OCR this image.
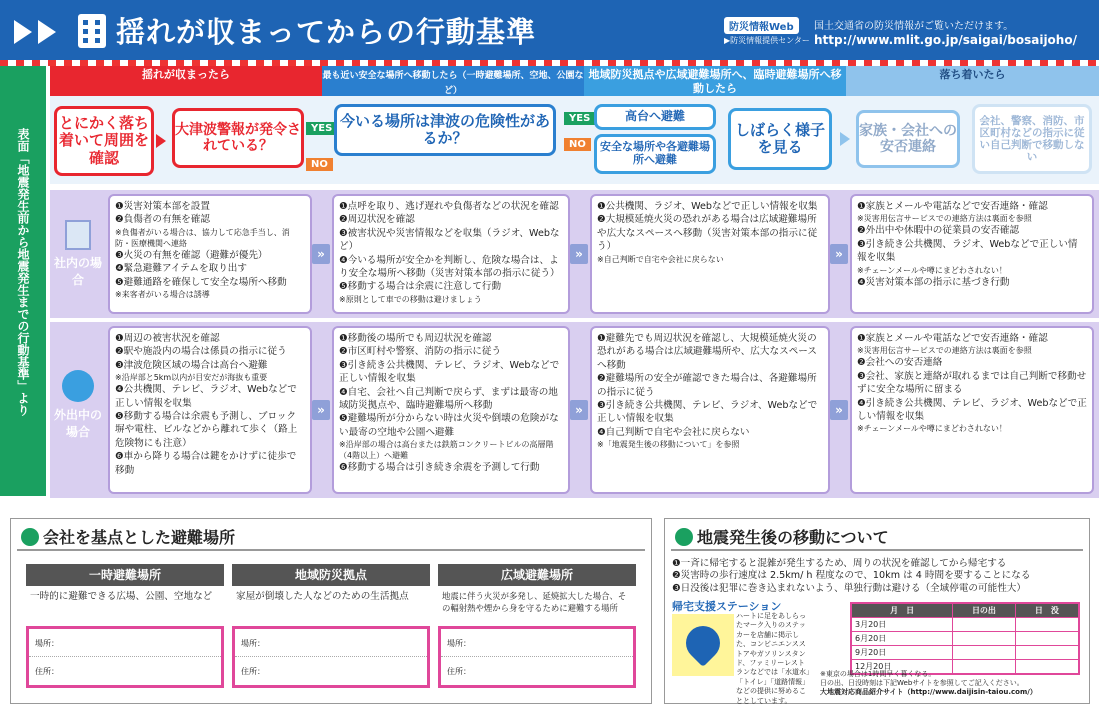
揺れが収まってからの行動基準	防災情報Web
▶防災情報提供センター
国土交通省の防災情報がご覧いただけます。
http://www.mlit.go.jp/saigai/bosaijoho/
表面「地震発生前から地震発生までの行動基準」より
揺れが収まったら	最も近い安全な場所へ移動したら（一時避難場所、空地、公園など）
地域防災拠点や広域避難場所へ、臨時避難場所へ移動したら
落ち着いたら
とにかく落ち着いて周囲を確認
大津波警報が発令されている？
YES
NO
今いる場所は津波の危険性があるか？
YES
NO
高台へ避難
安全な場所や各避難場所へ避難
しばらく様子を見る
家族・会社への安否連絡
会社、警察、消防、市区町村などの指示に従い自己判断で移動しない
社内の場合

❶災害対策本部を設置

❷負傷者の有無を確認

※負傷者がいる場合は、協力して応急手当し、消防・医療機関へ連絡

❸火災の有無を確認（避難が優先）

❹緊急避難アイテムを取り出す

❺避難通路を確保して安全な場所へ移動

※来客者がいる場合は誘導

»

❶点呼を取り、逃げ遅れや負傷者などの状況を確認

❷周辺状況を確認

❸被害状況や災害情報などを収集（ラジオ、Webなど）

❹今いる場所が安全かを判断し、危険な場合は、より安全な場所へ移動（災害対策本部の指示に従う）

❺移動する場合は余震に注意して行動

※原則として車での移動は避けましょう

»

❶公共機関、ラジオ、Webなどで正しい情報を収集

❷大規模延焼火災の恐れがある場合は広域避難場所や広大なスペースへ移動（災害対策本部の指示に従う）

※自己判断で自宅や会社に戻らない	»

❶家族とメールや電話などで安否連絡・確認

※災害用伝言サービスでの連絡方法は裏面を参照

❷外出中や休暇中の従業員の安否確認

❸引き続き公共機関、ラジオ、Webなどで正しい情報を収集

※チェーンメールや噂にまどわされない！

❹災害対策本部の指示に基づき行動

外出中の場合

❶周辺の被害状況を確認

❷駅や施設内の場合は係員の指示に従う

❸津波危険区域の場合は高台へ避難

※沿岸部と5km以内が目安だが海抜も重要

❹公共機関、テレビ、ラジオ、Webなどで正しい情報を収集

❺移動する場合は余震も予測し、ブロック塀や電柱、ビルなどから離れて歩く（路上危険物にも注意）

❻車から降りる場合は鍵をかけずに徒歩で移動

»

❶移動後の場所でも周辺状況を確認

❷市区町村や警察、消防の指示に従う

❸引き続き公共機関、テレビ、ラジオ、Webなどで正しい情報を収集

❹自宅、会社へ自己判断で戻らず、まずは最寄の地域防災拠点や、臨時避難場所へ移動

❺避難場所が分からない時は火災や倒壊の危険がない最寄の空地や公園へ避難

※沿岸部の場合は高台または鉄筋コンクリートビルの高層階（4階以上）へ避難

❻移動する場合は引き続き余震を予測して行動

»

❶避難先でも周辺状況を確認し、大規模延焼火災の恐れがある場合は広域避難場所や、広大なスペースへ移動

❷避難場所の安全が確認できた場合は、各避難場所の指示に従う

❸引き続き公共機関、テレビ、ラジオ、Webなどで正しい情報を収集

❹自己判断で自宅や会社に戻らない

※「地震発生後の移動について」を参照

»

❶家族とメールや電話などで安否連絡・確認

※災害用伝言サービスでの連絡方法は裏面を参照

❷会社への安否連絡

❸会社、家族と連絡が取れるまでは自己判断で移動せずに安全な場所に留まる

❹引き続き公共機関、テレビ、ラジオ、Webなどで正しい情報を収集

※チェーンメールや噂にまどわされない！

会社を基点とした避難場所
一時避難場所
一時的に避難できる広場、公園、空地など
場所：
住所：
地域防災拠点
家屋が倒壊した人などのための生活拠点
場所：
住所：
広域避難場所
地震に伴う火災が多発し、延焼拡大した場合、その輻射熱や煙から身を守るために避難する場所
場所：
住所：
地震発生後の移動について
❶一斉に帰宅すると混雑が発生するため、周りの状況を確認してから帰宅する
❷災害時の歩行速度は 2.5km/ h 程度なので、10km は 4 時間を要することになる
❸日没後は犯罪に巻き込まれないよう、単独行動は避ける（全域停電の可能性大）
帰宅支援ステーション
ハートに足をあしらったマーク入りのステッカーを店舗に掲示した、コンビニエンスストアやガソリンスタンド、ファミリーレストランなどでは「水道水」「トイレ」「道路情報」などの提供に努めることとしています。
月　日	日の出	日　没
3月20日		
6月20日		
9月20日		
12月20日		
※東京の場合は1時間早く暮くなる。
日の出、日没時刻は下記Webサイトを参照してご記入ください。
大地震対応商品紹介サイト（http://www.daijisin-taiou.com/）
